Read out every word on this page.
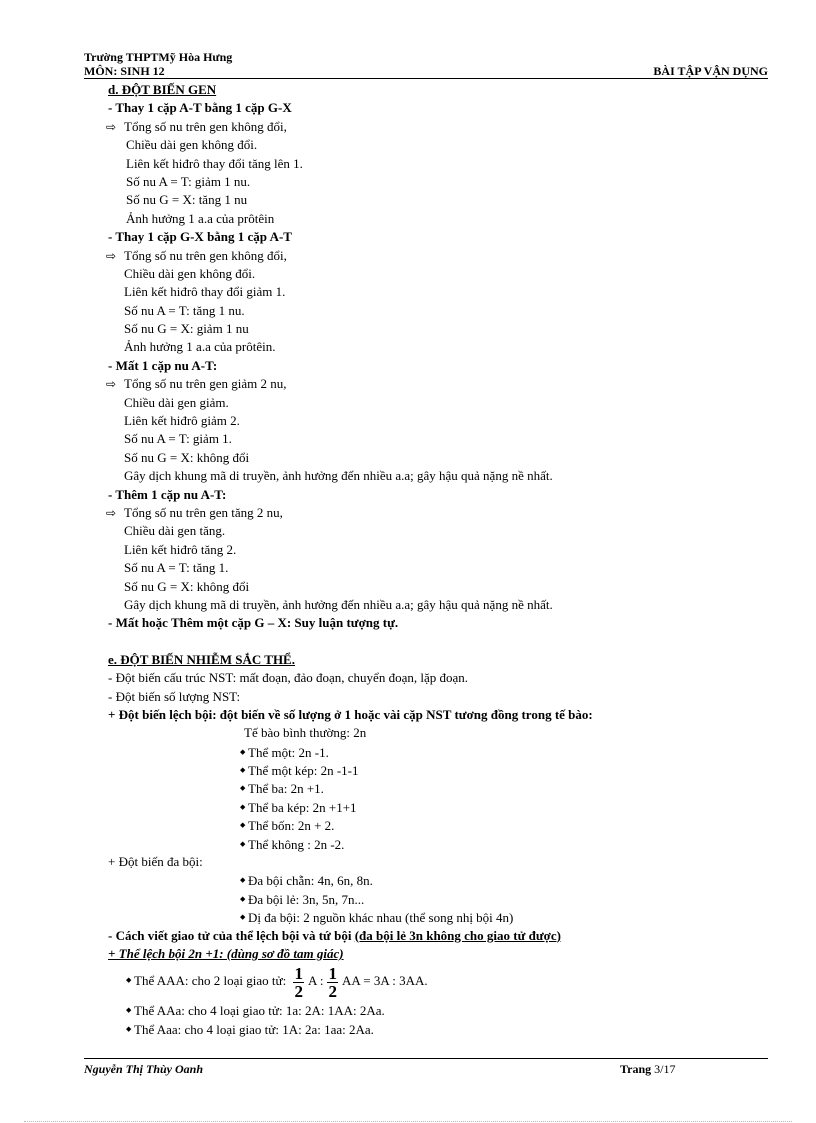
Trường THPTMỹ Hòa Hưng
MÔN: SINH 12	BÀI TẬP VẬN DỤNG
d. ĐỘT BIẾN GEN
- Thay 1 cặp A-T bằng 1 cặp G-X
⇨ Tổng số nu trên gen không đổi,
Chiều dài gen không đổi.
Liên kết hiđrô thay đổi tăng lên 1.
Số nu A = T: giảm 1 nu.
Số nu G = X: tăng 1 nu
Ảnh hưởng 1 a.a của prôtêin
- Thay 1 cặp G-X bằng 1 cặp A-T
⇨ Tổng số nu trên gen không đổi,
Chiều dài gen không đổi.
Liên kết hiđrô thay đổi giảm 1.
Số nu A = T: tăng 1 nu.
Số nu G = X: giảm 1 nu
Ảnh hưởng 1 a.a của prôtêin.
- Mất 1 cặp nu A-T:
⇨ Tổng số nu trên gen giảm 2 nu,
Chiều dài gen giảm.
Liên kết hiđrô giảm 2.
Số nu A = T: giảm 1.
Số nu G = X: không đổi
Gây dịch khung mã di truyền, ảnh hưởng đến nhiều a.a; gây hậu quả nặng nề nhất.
- Thêm 1 cặp nu A-T:
⇨ Tổng số nu trên gen tăng 2 nu,
Chiều dài gen tăng.
Liên kết hiđrô tăng 2.
Số nu A = T: tăng 1.
Số nu G = X: không đổi
Gây dịch khung mã di truyền, ảnh hưởng đến nhiều a.a; gây hậu quả nặng nề nhất.
- Mất hoặc Thêm một cặp G – X: Suy luận tượng tự.
e. ĐỘT BIẾN NHIỄM SẮC THỂ.
- Đột biến cấu trúc NST: mất đoạn, đảo đoạn, chuyển đoạn, lặp đoạn.
- Đột biến số lượng NST:
+ Đột biến lệch bội: đột biến về số lượng ở 1 hoặc vài cặp NST tương đồng trong tế bào:
Tế bào bình thường: 2n
◆ Thể một: 2n -1.
◆ Thể một kép: 2n -1-1
◆ Thể ba: 2n +1.
◆ Thể ba kép: 2n +1+1
◆ Thể bốn: 2n + 2.
◆ Thể không : 2n -2.
+ Đột biến đa bội:
◆ Đa bội chẵn: 4n, 6n, 8n.
◆ Đa bội lẻ: 3n, 5n, 7n...
◆ Dị đa bội: 2 nguồn khác nhau (thể song nhị bội 4n)
- Cách viết giao tử của thể lệch bội và tứ bội (đa bội lẻ 3n không cho giao tử được)
+ Thể lệch bội 2n +1: (dùng sơ đồ tam giác)
◆ Thể AAA: cho 2 loại giao tử: $\frac{1}{2}$ A : $\frac{1}{2}$ AA = 3A : 3AA.
◆ Thể AAa: cho 4 loại giao tử: 1a: 2A: 1AA: 2Aa.
◆ Thể Aaa: cho 4 loại giao tử: 1A: 2a: 1aa: 2Aa.
Nguyễn Thị Thùy Oanh	Trang 3/17
